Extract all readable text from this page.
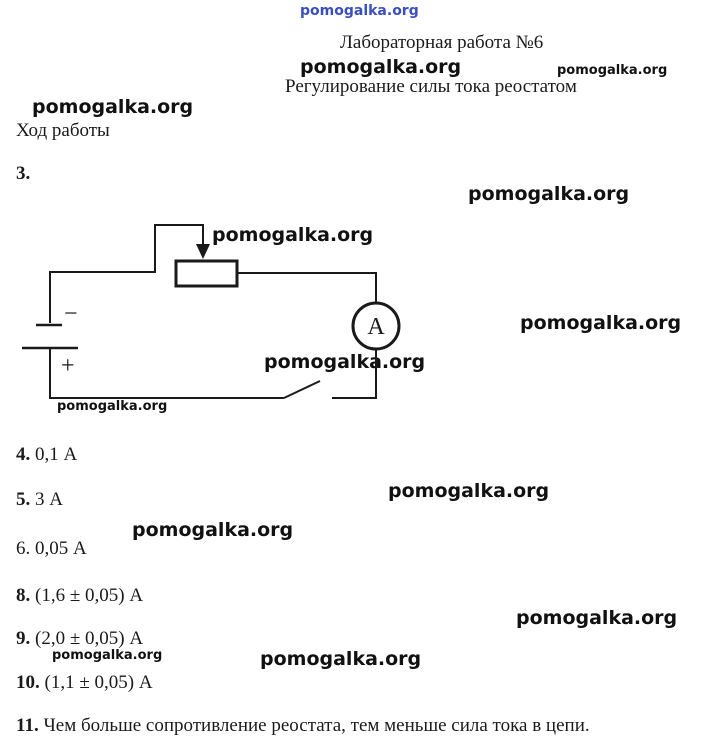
pomogalka.org
pomogalka.org	pomogalka.org
pomogalka.org
pomogalka.org
pomogalka.org
pomogalka.org
pomogalka.org
pomogalka.org
pomogalka.org
pomogalka.org
pomogalka.org
pomogalka.org	pomogalka.org
Лабораторная работа №6
Регулирование силы тока реостатом
Ход работы
3.
A
−
+
4. 0,1 А
5. 3 А
6. 0,05 А
8. (1,6 ± 0,05) А
9. (2,0 ± 0,05) А
10. (1,1 ± 0,05) А
11. Чем больше сопротивление реостата, тем меньше сила тока в цепи.
